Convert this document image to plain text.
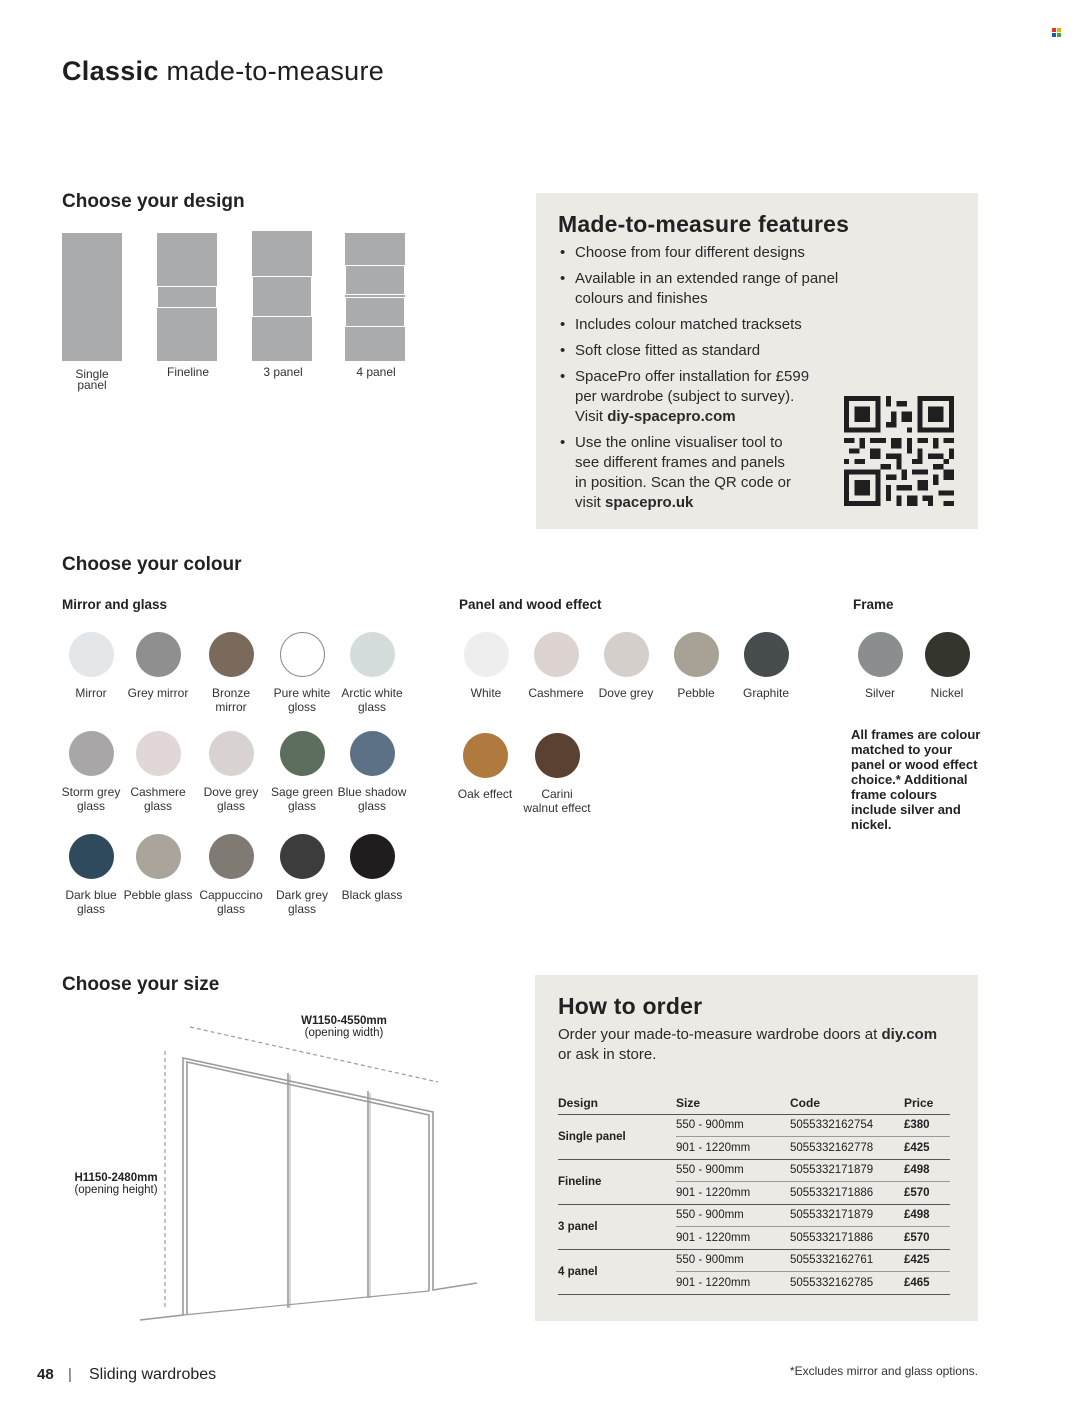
Classic made-to-measure
Choose your design
Single panel
Fineline	3 panel	4 panel
Made-to-measure features
• Choose from four different designs
• Available in an extended range of panel colours and finishes
• Includes colour matched tracksets
• Soft close fitted as standard
• SpacePro offer installation for £599 per wardrobe (subject to survey). Visit diy-spacepro.com
• Use the online visualiser tool to see different frames and panels in position. Scan the QR code or visit spacepro.uk
Choose your colour
Mirror and glass	Panel and wood effect	Frame
Mirror	Grey mirror	Bronze mirror
Pure white gloss
Arctic white glass
Storm grey glass
Cashmere glass
Dove grey glass
Sage green glass
Blue shadow glass
Dark blue glass
Pebble glass Cappuccino glass
Dark grey glass
Black glass
White	Cashmere	Dove grey	Pebble	Graphite
Oak effect	Carini walnut effect
Silver	Nickel
All frames are colour matched to your panel or wood effect choice.* Additional frame colours include silver and nickel.
Choose your size
W1150-4550mm
(opening width)
H1150-2480mm
(opening height)
How to order
Order your made-to-measure wardrobe doors at diy.com or ask in store.
Design	Size	Code	Price
Single panel	550 - 900mm	5055332162754	£380
	901 - 1220mm	5055332162778	£425
Fineline	550 - 900mm	5055332171879	£498
	901 - 1220mm	5055332171886	£570
3 panel	550 - 900mm	5055332171879	£498
	901 - 1220mm	5055332171886	£570
4 panel	550 - 900mm	5055332162761	£425
	901 - 1220mm	5055332162785	£465
48 | Sliding wardrobes	*Excludes mirror and glass options.
